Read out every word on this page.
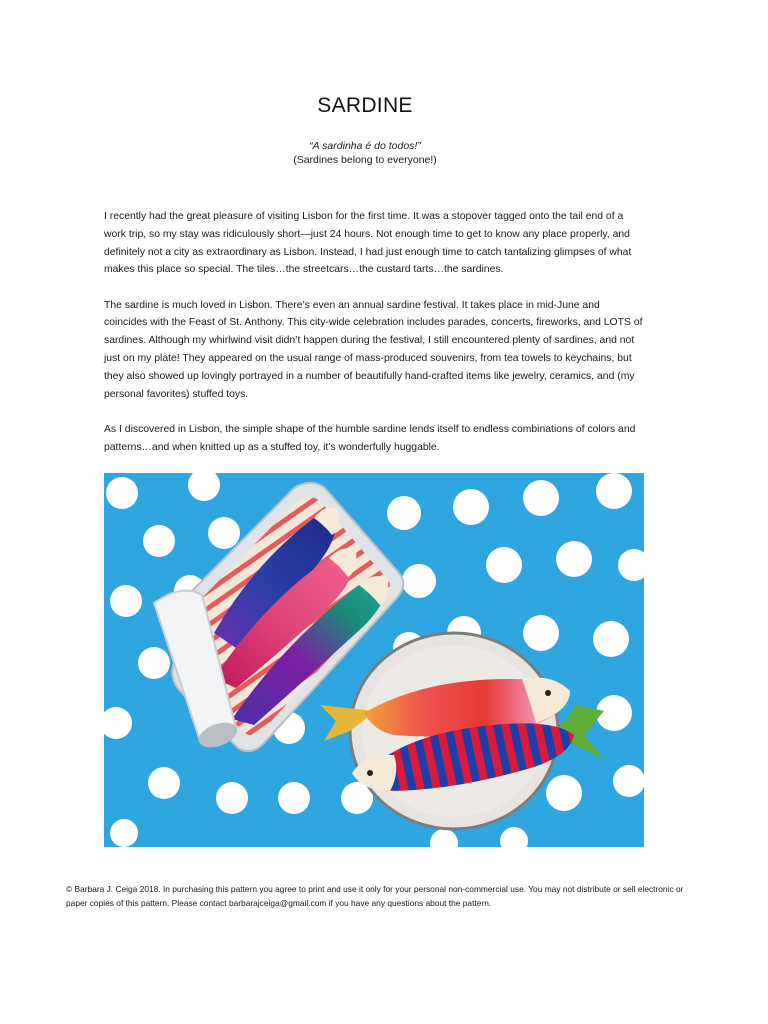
SARDINE
“A sardinha é do todos!”
(Sardines belong to everyone!)

I recently had the great pleasure of visiting Lisbon for the first time. It was a stopover tagged onto the tail end of a work trip, so my stay was ridiculously short—just 24 hours. Not enough time to get to know any place properly, and definitely not a city as extraordinary as Lisbon. Instead, I had just enough time to catch tantalizing glimpses of what makes this place so special. The tiles…the streetcars…the custard tarts…the sardines.

The sardine is much loved in Lisbon. There’s even an annual sardine festival. It takes place in mid-June and coincides with the Feast of St. Anthony. This city-wide celebration includes parades, concerts, fireworks, and LOTS of sardines. Although my whirlwind visit didn’t happen during the festival, I still encountered plenty of sardines, and not just on my plate! They appeared on the usual range of mass-produced souvenirs, from tea towels to keychains, but they also showed up lovingly portrayed in a number of beautifully hand-crafted items like jewelry, ceramics, and (my personal favorites) stuffed toys.

As I discovered in Lisbon, the simple shape of the humble sardine lends itself to endless combinations of colors and patterns…and when knitted up as a stuffed toy, it’s wonderfully huggable.

© Barbara J. Ceiga 2018. In purchasing this pattern you agree to print and use it only for your personal non-commercial use. You may not distribute or sell electronic or paper copies of this pattern. Please contact barbarajceiga@gmail.com if you have any questions about the pattern.
